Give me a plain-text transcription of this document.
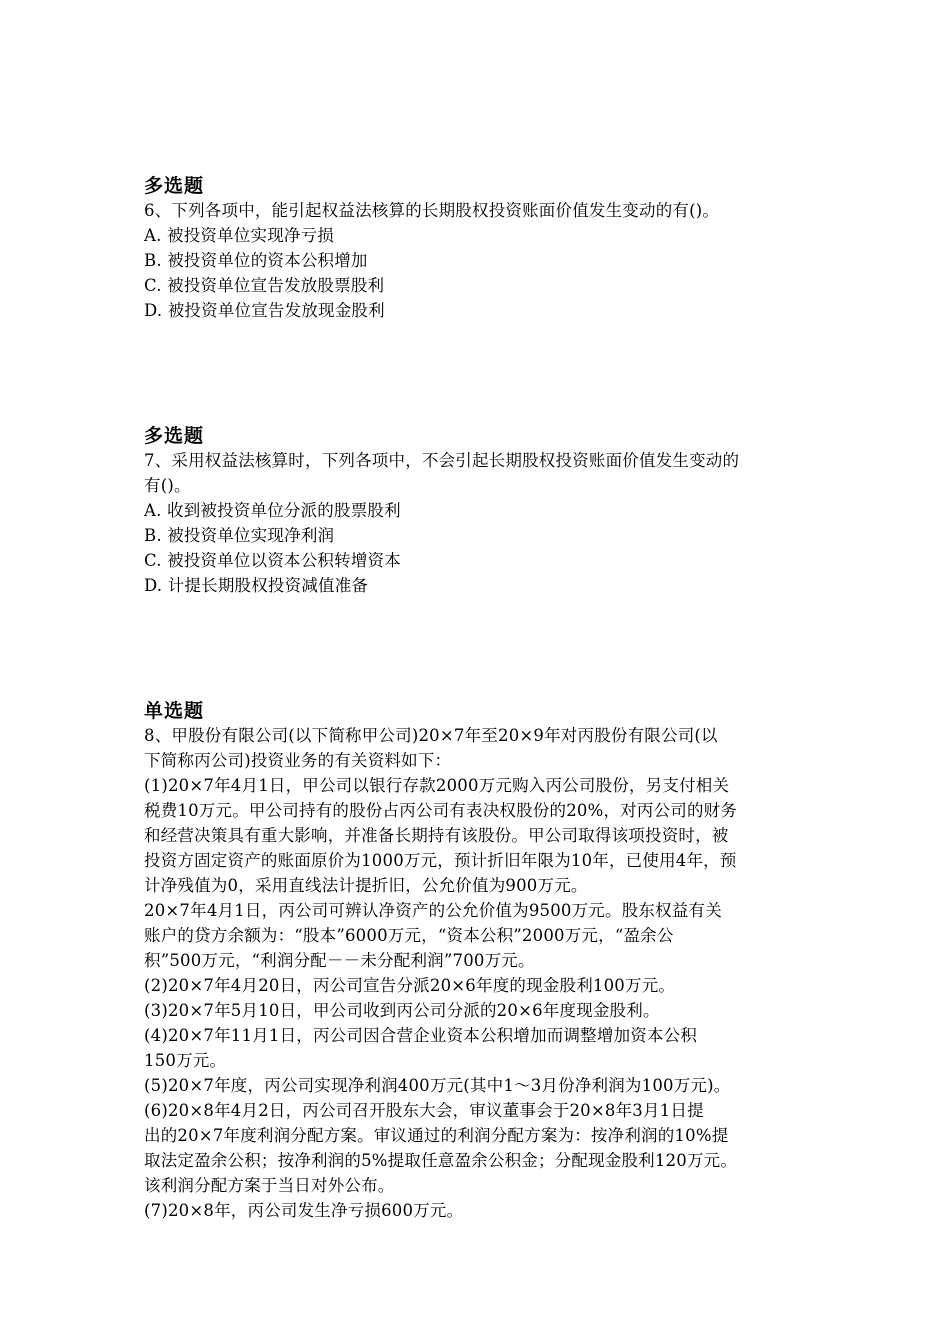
多选题

6、下列各项中，能引起权益法核算的长期股权投资账面价值发生变动的有()。

A. 被投资单位实现净亏损

B. 被投资单位的资本公积增加

C. 被投资单位宣告发放股票股利

D. 被投资单位宣告发放现金股利

多选题

7、采用权益法核算时，下列各项中，不会引起长期股权投资账面价值发生变动的

有()。

A. 收到被投资单位分派的股票股利

B. 被投资单位实现净利润

C. 被投资单位以资本公积转增资本

D. 计提长期股权投资减值准备

单选题

8、甲股份有限公司(以下简称甲公司)20×7年至20×9年对丙股份有限公司(以

下简称丙公司)投资业务的有关资料如下：

(1)20×7年4月1日，甲公司以银行存款2000万元购入丙公司股份，另支付相关

税费10万元。甲公司持有的股份占丙公司有表决权股份的20%，对丙公司的财务

和经营决策具有重大影响，并准备长期持有该股份。甲公司取得该项投资时，被

投资方固定资产的账面原价为1000万元，预计折旧年限为10年，已使用4年，预

计净残值为0，采用直线法计提折旧，公允价值为900万元。

20×7年4月1日，丙公司可辨认净资产的公允价值为9500万元。股东权益有关

账户的贷方余额为：“股本”6000万元，“资本公积”2000万元，“盈余公

积”500万元，“利润分配－－未分配利润”700万元。

(2)20×7年4月20日，丙公司宣告分派20×6年度的现金股利100万元。

(3)20×7年5月10日，甲公司收到丙公司分派的20×6年度现金股利。

(4)20×7年11月1日，丙公司因合营企业资本公积增加而调整增加资本公积

150万元。

(5)20×7年度，丙公司实现净利润400万元(其中1～3月份净利润为100万元)。

(6)20×8年4月2日，丙公司召开股东大会，审议董事会于20×8年3月1日提

出的20×7年度利润分配方案。审议通过的利润分配方案为：按净利润的10%提

取法定盈余公积；按净利润的5%提取任意盈余公积金；分配现金股利120万元。

该利润分配方案于当日对外公布。

(7)20×8年，丙公司发生净亏损600万元。
